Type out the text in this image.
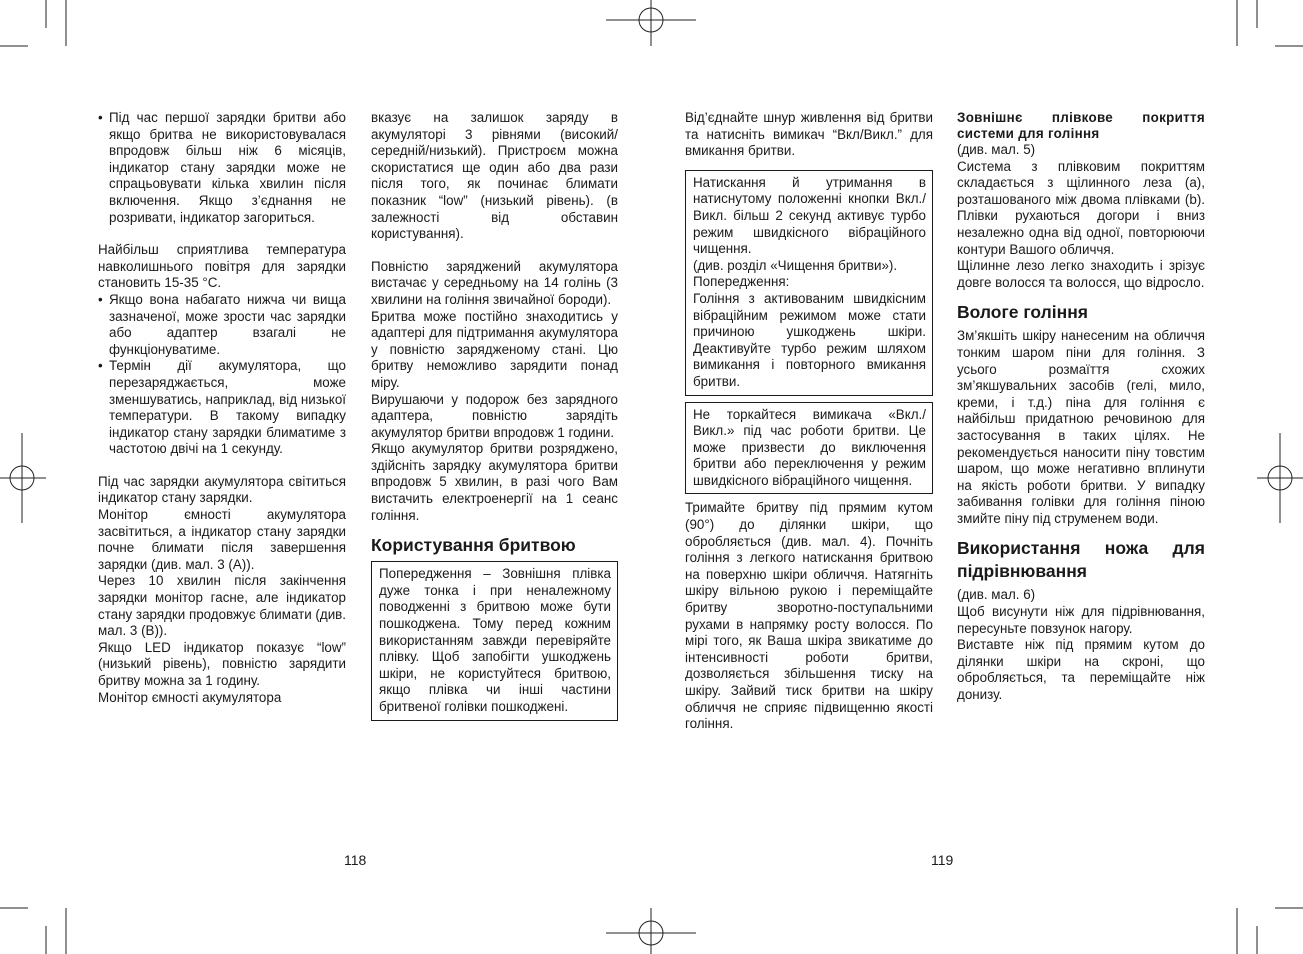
• Під час першої зарядки бритви або якщо бритва не використовувалася впродовж більш ніж 6 місяців, індикатор стану зарядки може не спрацьовувати кілька хвилин після включення. Якщо з’єднання не розривати, індикатор загориться.

Найбільш сприятлива температура навколишнього повітря для зарядки становить 15-35 °C.

• Якщо вона набагато нижча чи вища зазначеної, може зрости час зарядки або адаптер взагалі не функціонуватиме.
• Термін дії акумулятора, що перезаряджається, може зменшуватись, наприклад, від низької температури. В такому випадку індикатор стану зарядки блиматиме з частотою двічі на 1 секунду.

Під час зарядки акумулятора світиться індикатор стану зарядки.

Монітор ємності акумулятора засвітиться, а індикатор стану зарядки почне блимати після завершення зарядки (див. мал. 3 (A)).

Через 10 хвилин після закінчення зарядки монітор гасне, але індикатор стану зарядки продовжує блимати (див. мал. 3 (B)).

Якщо LED індикатор показує “low” (низький рівень), повністю зарядити бритву можна за 1 годину.

Монітор ємності акумулятора

вказує на залишок заряду в акумуляторі 3 рівнями (високий/ середній/низький). Пристроєм можна скористатися ще один або два рази після того, як починає блимати показник “low” (низький рівень). (в залежності від обставин користування).

Повністю заряджений акумулятора вистачає у середньому на 14 голінь (3 хвилини на гоління звичайної бороди).

Бритва може постійно знаходитись у адаптері для підтримання акумулятора у повністю зарядженому стані. Цю бритву неможливо зарядити понад міру.

Вирушаючи у подорож без зарядного адаптера, повністю зарядіть акумулятор бритви впродовж 1 години.

Якщо акумулятор бритви розряджено, здійсніть зарядку акумулятора бритви впродовж 5 хвилин, в разі чого Вам вистачить електроенергії на 1 сеанс гоління.

Користування бритвою

Попередження – Зовнішня плівка дуже тонка і при неналежному поводженні з бритвою може бути пошкоджена. Тому перед кожним використанням завжди перевіряйте плівку. Щоб запобігти ушкоджень шкіри, не користуйтеся бритвою, якщо плівка чи інші частини бритвеної голівки пошкоджені.

118

Від’єднайте шнур живлення від бритви та натисніть вимикач “Вкл/Викл.” для вмикання бритви.

Натискання й утримання в натиснутому положенні кнопки Вкл./Викл. більш 2 секунд активує турбо режим швидкісного вібраційного чищення.

(див. розділ «Чищення бритви»).

Попередження:

Гоління з активованим швидкісним вібраційним режимом може стати причиною ушкоджень шкіри. Деактивуйте турбо режим шляхом вимикання і повторного вмикання бритви.

Не торкайтеся вимикача «Вкл./ Викл.» під час роботи бритви. Це може призвести до виключення бритви або переключення у режим швидкісного вібраційного чищення.

Тримайте бритву під прямим кутом (90°) до ділянки шкіри, що обробляється (див. мал. 4). Почніть гоління з легкого натискання бритвою на поверхню шкіри обличчя. Натягніть шкіру вільною рукою і переміщайте бритву зворотно-поступальними рухами в напрямку росту волосся. По мірі того, як Ваша шкіра звикатиме до інтенсивності роботи бритви, дозволяється збільшення тиску на шкіру. Зайвий тиск бритви на шкіру обличчя не сприяє підвищенню якості гоління.

Зовнішнє плівкове покриття системи для гоління

(див. мал. 5)

Система з плівковим покриттям складається з щілинного леза (а), розташованого між двома плівками (b). Плівки рухаються догори і вниз незалежно одна від одної, повторюючи контури Вашого обличчя.

Щілинне лезо легко знаходить і зрізує довге волосся та волосся, що відросло.

Вологе гоління

Зм’якшіть шкіру нанесеним на обличчя тонким шаром піни для гоління. З усього розмаїття схожих зм’якшувальних засобів (гелі, мило, креми, і т.д.) піна для гоління є найбільш придатною речовиною для застосування в таких цілях. Не рекомендується наносити піну товстим шаром, що може негативно вплинути на якість роботи бритви. У випадку забивання голівки для гоління піною змийте піну під струменем води.

Використання ножа для підрівнювання

(див. мал. 6)

Щоб висунути ніж для підрівнювання, пересуньте повзунок нагору.

Виставте ніж під прямим кутом до ділянки шкіри на скроні, що обробляється, та переміщайте ніж донизу.

119
